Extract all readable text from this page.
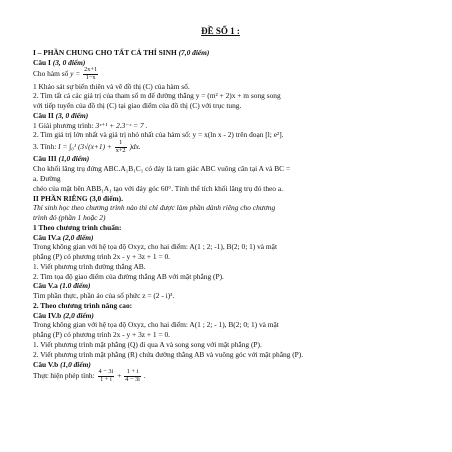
ĐỀ SỐ 1 :
I – PHẦN CHUNG CHO TẤT CẢ THÍ SINH (7,0 điểm)
Câu I (3, 0 điểm)
Cho hàm số $y = \frac{2x+1}{1-x}$
1 Khảo sát sự biến thiên và vẽ đồ thị (C) của hàm số.
2. Tìm tất cả các giá trị của tham số m để đường thẳng y = (m² + 2)x + m song song
với tiếp tuyến của đồ thị (C) tại giao điểm của đồ thị (C) với trục tung.
Câu II (3, 0 điểm)
1 Giải phương trình: 3ˣ⁺¹ + 2.3⁻ˣ = 7 .
2. Tìm giá trị lớn nhất và giá trị nhỏ nhất của hàm số: y = x(ln x - 2) trên đoạn [l; e²].
3. Tính: I = ∫₀¹ $(3√(x+1) + \frac{1}{x+2} )dx$.
Câu III (1,0 điểm)
Cho khối lăng trụ đứng ABC.A₁B₁C₁ có đáy là tam giác ABC vuông cân tại A và BC =
a. Đường
chéo của mặt bên ABB₁A₁ tạo với đáy góc 60°. Tính thể tích khối lăng trụ đó theo a.
II PHẦN RIÊNG (3,0 điểm).
Thí sinh học theo chương trình nào thì chỉ được làm phần dành riêng cho chương
trình đó (phần 1 hoặc 2)
1 Theo chương trình chuẩn:
Câu IV.a (2,0 điểm)
Trong không gian với hệ tọa độ Oxyz, cho hai điểm: A(1 ; 2; -1), B(2; 0; 1) và mặt
phẳng (P) có phương trình 2x - y + 3z + 1 = 0.
1. Viết phương trình đường thẳng AB.
2. Tìm tọa độ giao điểm của đường thẳng AB với mặt phẳng (P).
Câu V.a (1.0 điểm)
Tìm phần thực, phần ảo của số phức z = (2 - i)³.
2. Theo chương trình nâng cao:
Câu IV.b (2,0 điểm)
Trong không gian với hệ tọa độ Oxyz, cho hai điểm: A(1 ; 2; - 1), B(2; 0; 1) và mặt
phẳng (P) có phương trình 2x - y + 3z + 1 = 0.
1. Viết phương trình mặt phẳng (Q) đi qua A và song song với mặt phẳng (P).
2. Viết phương trình mặt phẳng (R) chứa đường thẳng AB và vuông góc với mặt phẳng (P).
Câu V.b (1,0 điểm)
Thực hiện phép tính: $\frac{4 - 3i}{1 + i} + \frac{1 + i}{4 - 3i}$ .
